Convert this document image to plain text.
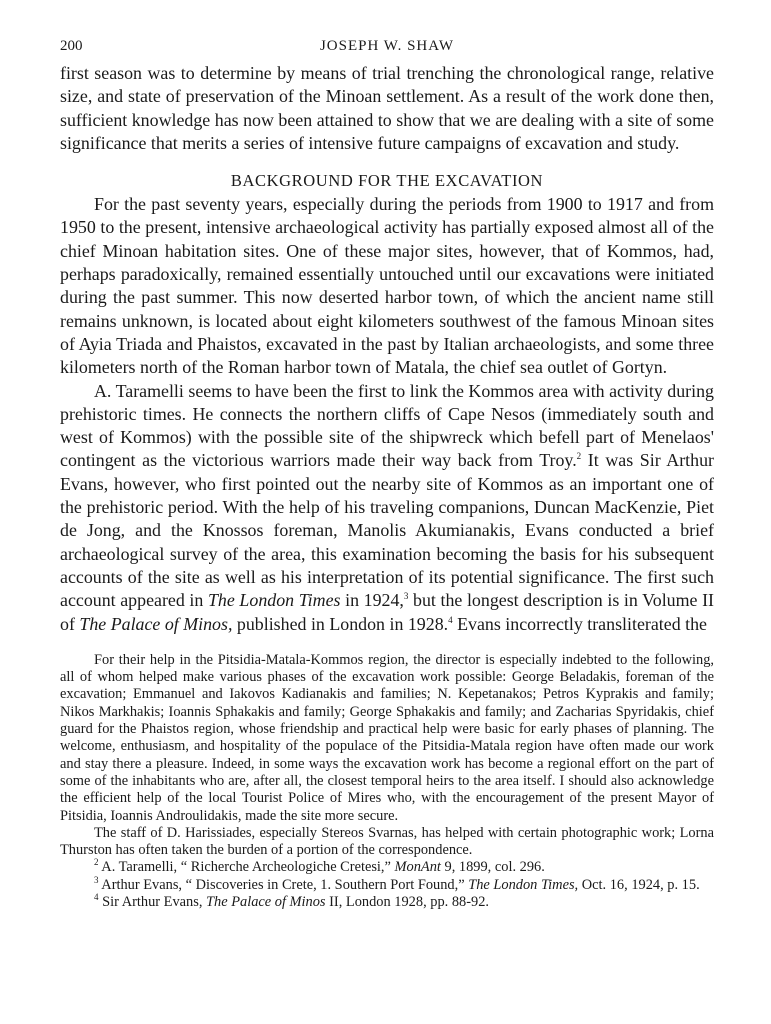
200	JOSEPH W. SHAW

first season was to determine by means of trial trenching the chronological range, relative size, and state of preservation of the Minoan settlement. As a result of the work done then, sufficient knowledge has now been attained to show that we are dealing with a site of some significance that merits a series of intensive future campaigns of excavation and study.

BACKGROUND FOR THE EXCAVATION

For the past seventy years, especially during the periods from 1900 to 1917 and from 1950 to the present, intensive archaeological activity has partially exposed almost all of the chief Minoan habitation sites. One of these major sites, however, that of Kommos, had, perhaps paradoxically, remained essentially untouched until our excavations were initiated during the past summer. This now deserted harbor town, of which the ancient name still remains unknown, is located about eight kilometers southwest of the famous Minoan sites of Ayia Triada and Phaistos, excavated in the past by Italian archaeologists, and some three kilometers north of the Roman harbor town of Matala, the chief sea outlet of Gortyn.

A. Taramelli seems to have been the first to link the Kommos area with activity during prehistoric times. He connects the northern cliffs of Cape Nesos (immediately south and west of Kommos) with the possible site of the shipwreck which befell part of Menelaos' contingent as the victorious warriors made their way back from Troy.$^2$ It was Sir Arthur Evans, however, who first pointed out the nearby site of Kommos as an important one of the prehistoric period. With the help of his traveling companions, Duncan MacKenzie, Piet de Jong, and the Knossos foreman, Manolis Akumianakis, Evans conducted a brief archaeological survey of the area, this examination becoming the basis for his subsequent accounts of the site as well as his interpretation of its potential significance. The first such account appeared in The London Times in 1924,$^3$ but the longest description is in Volume II of The Palace of Minos, published in London in 1928.$^4$ Evans incorrectly transliterated the

For their help in the Pitsidia-Matala-Kommos region, the director is especially indebted to the following, all of whom helped make various phases of the excavation work possible: George Beladakis, foreman of the excavation; Emmanuel and Iakovos Kadianakis and families; N. Kepetanakos; Petros Kyprakis and family; Nikos Markhakis; Ioannis Sphakakis and family; George Sphakakis and family; and Zacharias Spyridakis, chief guard for the Phaistos region, whose friendship and practical help were basic for early phases of planning. The welcome, enthusiasm, and hospitality of the populace of the Pitsidia-Matala region have often made our work and stay there a pleasure. Indeed, in some ways the excavation work has become a regional effort on the part of some of the inhabitants who are, after all, the closest temporal heirs to the area itself. I should also acknowledge the efficient help of the local Tourist Police of Mires who, with the encouragement of the present Mayor of Pitsidia, Ioannis Androulidakis, made the site more secure.

The staff of D. Harissiades, especially Stereos Svarnas, has helped with certain photographic work; Lorna Thurston has often taken the burden of a portion of the correspondence.

$^2$ A. Taramelli, “ Richerche Archeologiche Cretesi,” MonAnt 9, 1899, col. 296.

$^3$ Arthur Evans, “ Discoveries in Crete, 1. Southern Port Found,” The London Times, Oct. 16, 1924, p. 15.

$^4$ Sir Arthur Evans, The Palace of Minos II, London 1928, pp. 88-92.
